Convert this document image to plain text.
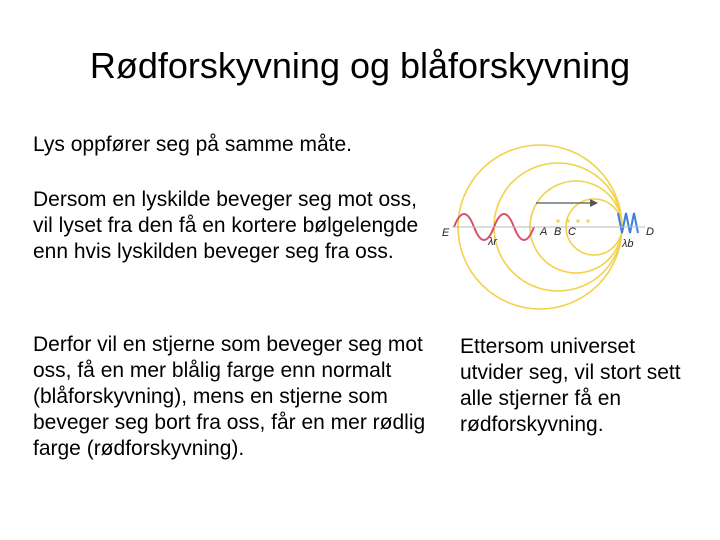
Rødforskyvning og blåforskyvning

Lys oppfører seg på samme måte.

Dersom en lyskilde beveger seg mot oss, vil lyset fra den få en kortere bølgelengde enn hvis lyskilden beveger seg fra oss.

Derfor vil en stjerne som beveger seg mot oss, få en mer blålig farge enn normalt (blåforskyvning), mens en stjerne som beveger seg bort fra oss, får en mer rødlig farge (rødforskyvning).

Ettersom universet utvider seg, vil stort sett alle stjerner få en rødforskyvning.

E
λr
A B C	D
λb
